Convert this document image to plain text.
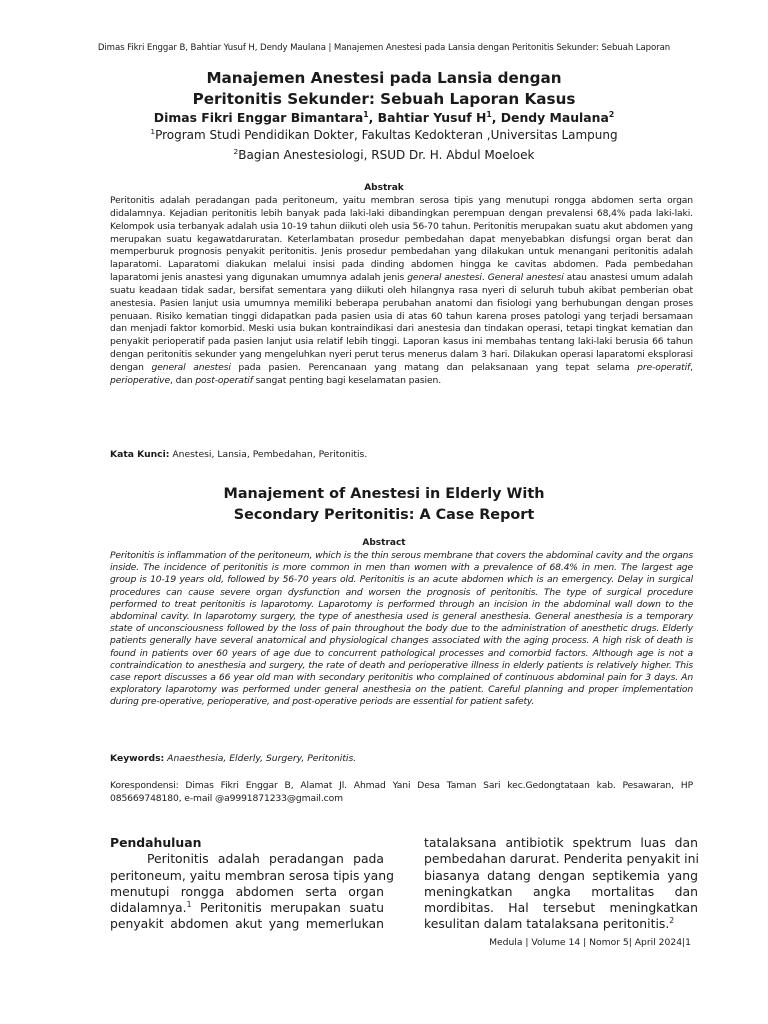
Dimas Fikri Enggar B, Bahtiar Yusuf H, Dendy Maulana | Manajemen Anestesi pada Lansia dengan Peritonitis Sekunder: Sebuah Laporan
Manajemen Anestesi pada Lansia dengan
Peritonitis Sekunder: Sebuah Laporan Kasus
Dimas Fikri Enggar Bimantara$^1$, Bahtiar Yusuf $H^1$, Dendy Maulana$^2$
$^1$Program Studi Pendidikan Dokter, Fakultas Kedokteran ,Universitas Lampung
$^2$Bagian Anestesiologi, RSUD Dr. H. Abdul Moeloek
Abstrak
Peritonitis adalah peradangan pada peritoneum, yaitu membran serosa tipis yang menutupi rongga abdomen serta organ didalamnya. Kejadian peritonitis lebih banyak pada laki-laki dibandingkan perempuan dengan prevalensi 68,4% pada laki-laki. Kelompok usia terbanyak adalah usia 10-19 tahun diikuti oleh usia 56-70 tahun. Peritonitis merupakan suatu akut abdomen yang merupakan suatu kegawatdaruratan. Keterlambatan prosedur pembedahan dapat menyebabkan disfungsi organ berat dan memperburuk prognosis penyakit peritonitis. Jenis prosedur pembedahan yang dilakukan untuk menangani peritonitis adalah laparatomi. Laparatomi diakukan melalui insisi pada dinding abdomen hingga ke cavitas abdomen. Pada pembedahan laparatomi jenis anastesi yang digunakan umumnya adalah jenis general anestesi. General anestesi atau anastesi umum adalah suatu keadaan tidak sadar, bersifat sementara yang diikuti oleh hilangnya rasa nyeri di seluruh tubuh akibat pemberian obat anestesia. Pasien lanjut usia umumnya memiliki beberapa perubahan anatomi dan fisiologi yang berhubungan dengan proses penuaan. Risiko kematian tinggi didapatkan pada pasien usia di atas 60 tahun karena proses patologi yang terjadi bersamaan dan menjadi faktor komorbid. Meski usia bukan kontraindikasi dari anestesia dan tindakan operasi, tetapi tingkat kematian dan penyakit perioperatif pada pasien lanjut usia relatif lebih tinggi. Laporan kasus ini membahas tentang laki-laki berusia 66 tahun dengan peritonitis sekunder yang mengeluhkan nyeri perut terus menerus dalam 3 hari. Dilakukan operasi laparatomi eksplorasi dengan general anestesi pada pasien. Perencanaan yang matang dan pelaksanaan yang tepat selama pre-operatif, perioperative, dan post-operatif sangat penting bagi keselamatan pasien.
Kata Kunci: Anestesi, Lansia, Pembedahan, Peritonitis.
Manajement of Anestesi in Elderly With
Secondary Peritonitis: A Case Report
Abstract
Peritonitis is inflammation of the peritoneum, which is the thin serous membrane that covers the abdominal cavity and the organs inside. The incidence of peritonitis is more common in men than women with a prevalence of 68.4% in men. The largest age group is 10-19 years old, followed by 56-70 years old. Peritonitis is an acute abdomen which is an emergency. Delay in surgical procedures can cause severe organ dysfunction and worsen the prognosis of peritonitis. The type of surgical procedure performed to treat peritonitis is laparotomy. Laparotomy is performed through an incision in the abdominal wall down to the abdominal cavity. In laparotomy surgery, the type of anesthesia used is general anesthesia. General anesthesia is a temporary state of unconsciousness followed by the loss of pain throughout the body due to the administration of anesthetic drugs. Elderly patients generally have several anatomical and physiological changes associated with the aging process. A high risk of death is found in patients over 60 years of age due to concurrent pathological processes and comorbid factors. Although age is not a contraindication to anesthesia and surgery, the rate of death and perioperative illness in elderly patients is relatively higher. This case report discusses a 66 year old man with secondary peritonitis who complained of continuous abdominal pain for 3 days. An exploratory laparotomy was performed under general anesthesia on the patient. Careful planning and proper implementation during pre-operative, perioperative, and post-operative periods are essential for patient safety.
Keywords: Anaesthesia, Elderly, Surgery, Peritonitis.
Korespondensi: Dimas Fikri Enggar B, Alamat Jl. Ahmad Yani Desa Taman Sari kec.Gedongtataan kab. Pesawaran, HP 085669748180, e-mail @a9991871233@gmail.com
Pendahuluan
Peritonitis adalah peradangan pada
peritoneum, yaitu membran serosa tipis yang
menutupi rongga abdomen serta organ
didalamnya.$^1$ Peritonitis merupakan suatu
penyakit abdomen akut yang memerlukan
tatalaksana antibiotik spektrum luas dan
pembedahan darurat. Penderita penyakit ini
biasanya datang dengan septikemia yang
meningkatkan angka mortalitas dan
mordibitas. Hal tersebut meningkatkan
kesulitan dalam tatalaksana peritonitis.$^2$
Medula | Volume 14 | Nomor 5| April 2024|1
